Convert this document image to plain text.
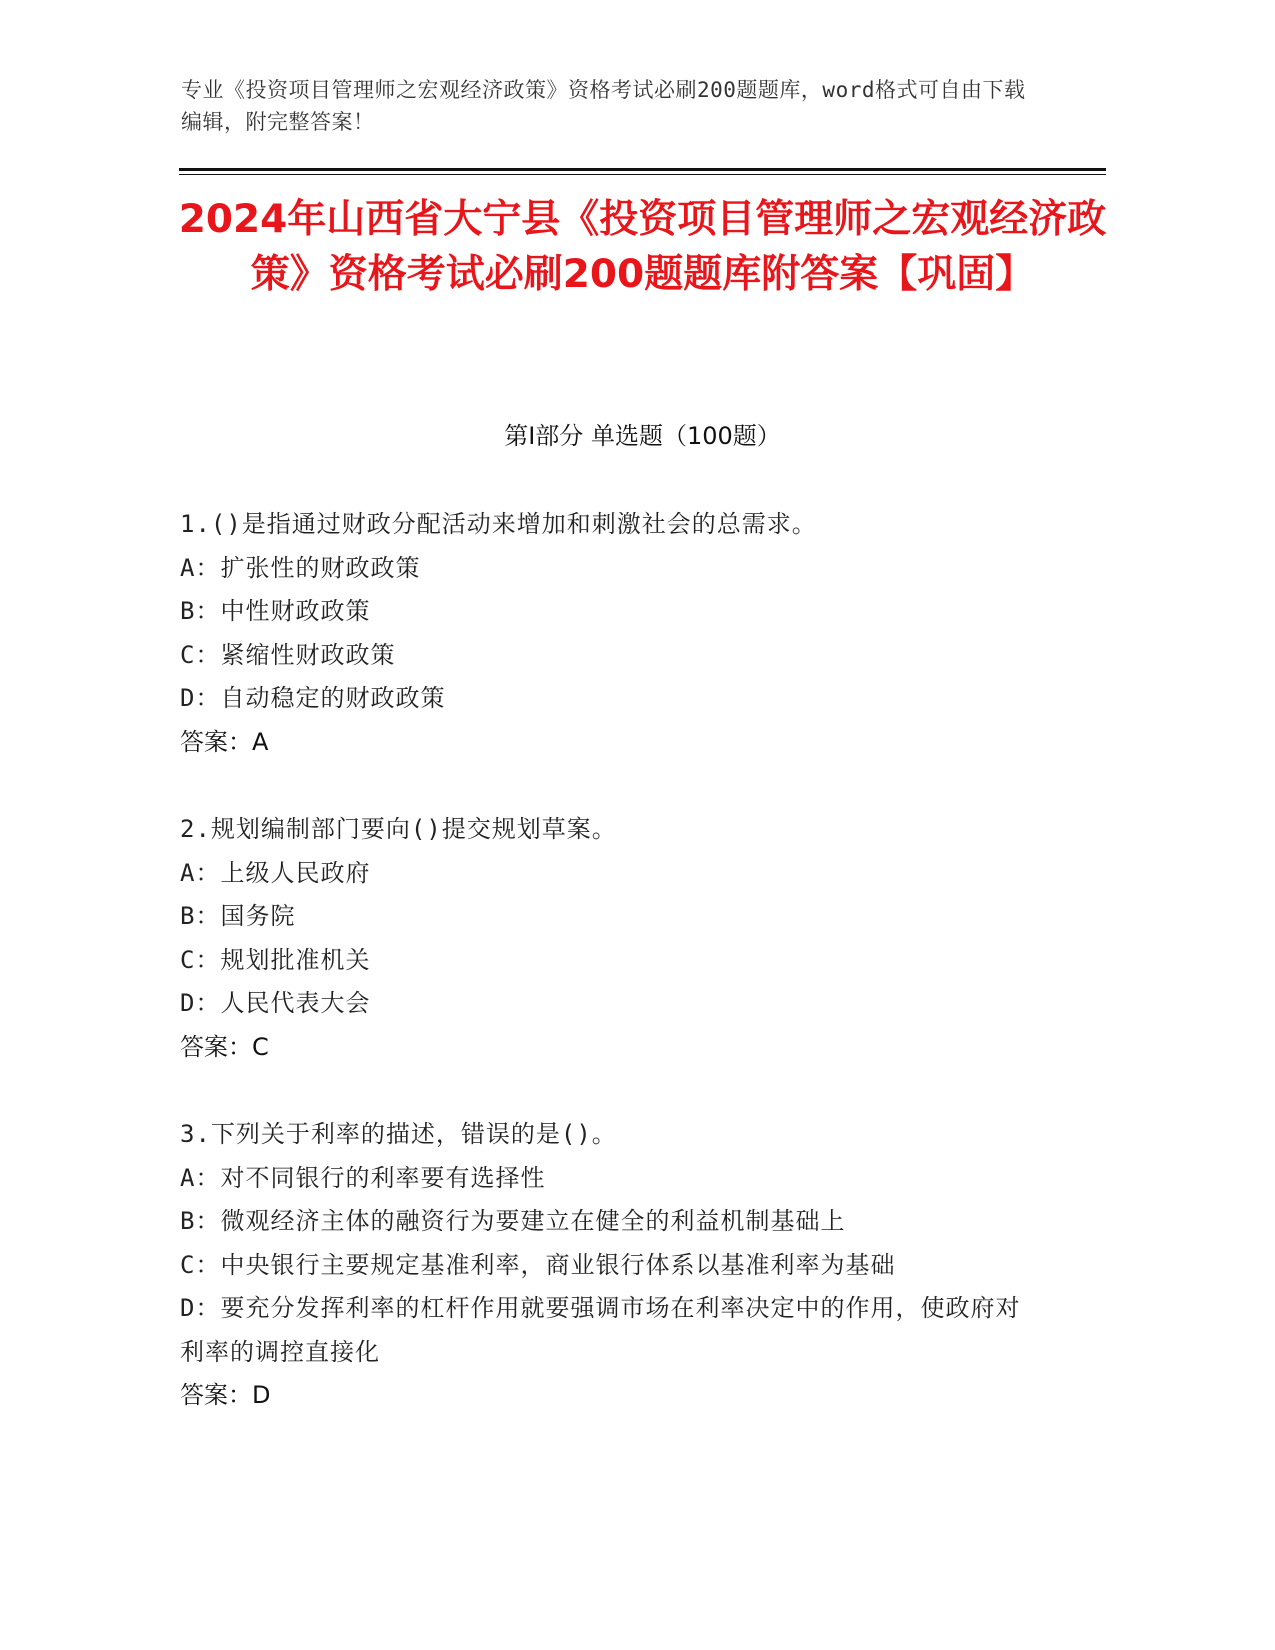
专业《投资项目管理师之宏观经济政策》资格考试必刷200题题库，word格式可自由下载编辑，附完整答案！
2024年山西省大宁县《投资项目管理师之宏观经济政策》资格考试必刷200题题库附答案【巩固】
第I部分 单选题（100题）

1.()是指通过财政分配活动来增加和刺激社会的总需求。

A：扩张性的财政政策

B：中性财政政策

C：紧缩性财政政策

D：自动稳定的财政政策

答案：A

2.规划编制部门要向()提交规划草案。

A：上级人民政府

B：国务院

C：规划批准机关

D：人民代表大会

答案：C

3.下列关于利率的描述，错误的是()。

A：对不同银行的利率要有选择性

B：微观经济主体的融资行为要建立在健全的利益机制基础上

C：中央银行主要规定基准利率，商业银行体系以基准利率为基础

D：要充分发挥利率的杠杆作用就要强调市场在利率决定中的作用，使政府对利率的调控直接化

答案：D
